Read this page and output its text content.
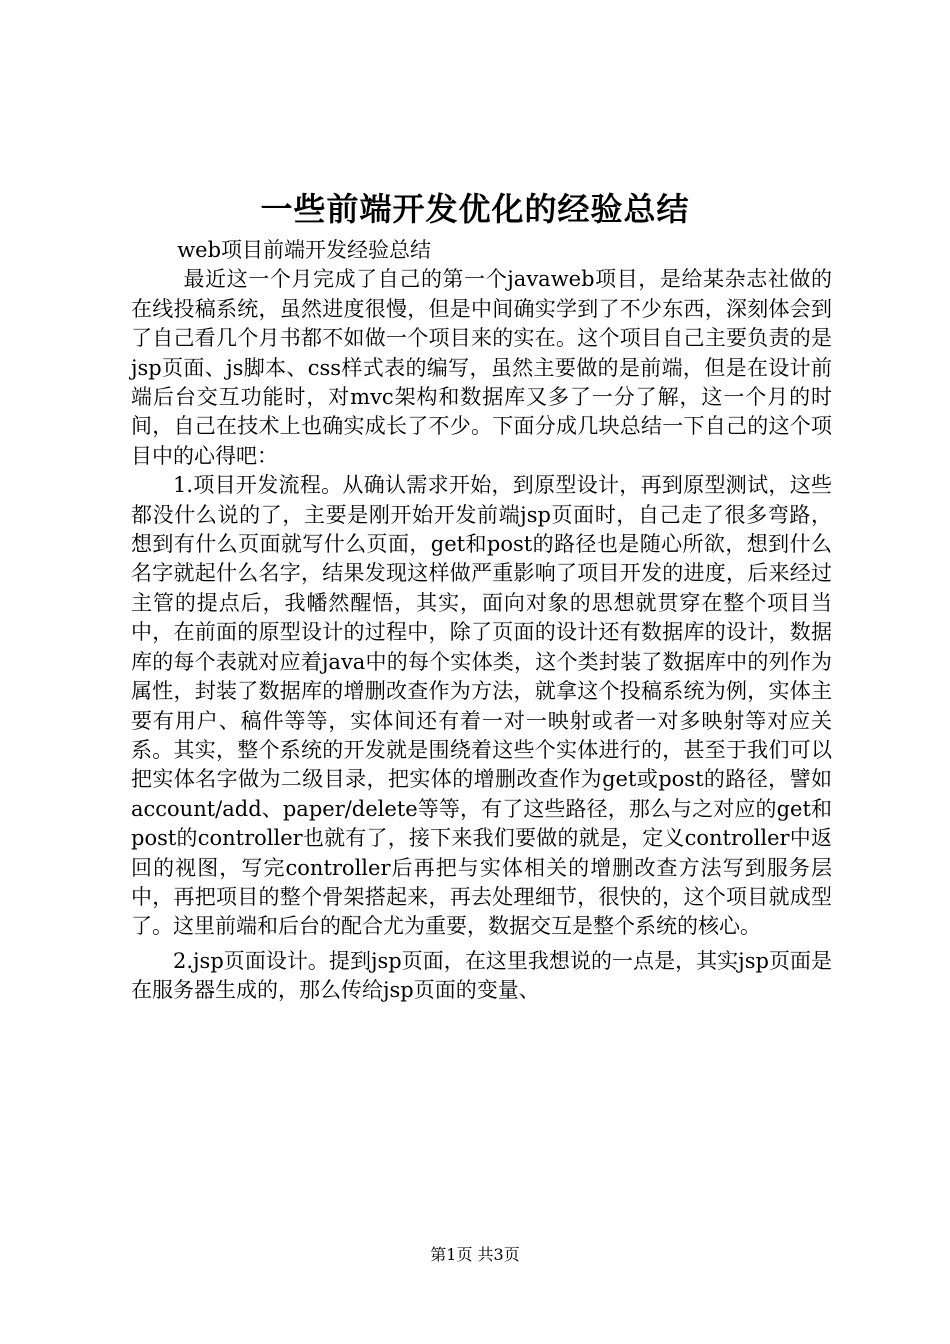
一些前端开发优化的经验总结

web项目前端开发经验总结

最近这一个月完成了自己的第一个javaweb项目，是给某杂志社做的在线投稿系统，虽然进度很慢，但是中间确实学到了不少东西，深刻体会到了自己看几个月书都不如做一个项目来的实在。这个项目自己主要负责的是jsp页面、js脚本、css样式表的编写，虽然主要做的是前端，但是在设计前端后台交互功能时，对mvc架构和数据库又多了一分了解，这一个月的时间，自己在技术上也确实成长了不少。下面分成几块总结一下自己的这个项目中的心得吧：

1.项目开发流程。从确认需求开始，到原型设计，再到原型测试，这些都没什么说的了，主要是刚开始开发前端jsp页面时，自己走了很多弯路，想到有什么页面就写什么页面，get和post的路径也是随心所欲，想到什么名字就起什么名字，结果发现这样做严重影响了项目开发的进度，后来经过主管的提点后，我幡然醒悟，其实，面向对象的思想就贯穿在整个项目当中，在前面的原型设计的过程中，除了页面的设计还有数据库的设计，数据库的每个表就对应着java中的每个实体类，这个类封装了数据库中的列作为属性，封装了数据库的增删改查作为方法，就拿这个投稿系统为例，实体主要有用户、稿件等等，实体间还有着一对一映射或者一对多映射等对应关系。其实，整个系统的开发就是围绕着这些个实体进行的，甚至于我们可以把实体名字做为二级目录，把实体的增删改查作为get或post的路径，譬如account/add、paper/delete等等，有了这些路径，那么与之对应的get和post的controller也就有了，接下来我们要做的就是，定义controller中返回的视图，写完controller后再把与实体相关的增删改查方法写到服务层中，再把项目的整个骨架搭起来，再去处理细节，很快的，这个项目就成型了。这里前端和后台的配合尤为重要，数据交互是整个系统的核心。

2.jsp页面设计。提到jsp页面，在这里我想说的一点是，其实jsp页面是在服务器生成的，那么传给jsp页面的变量、

第1页 共3页
